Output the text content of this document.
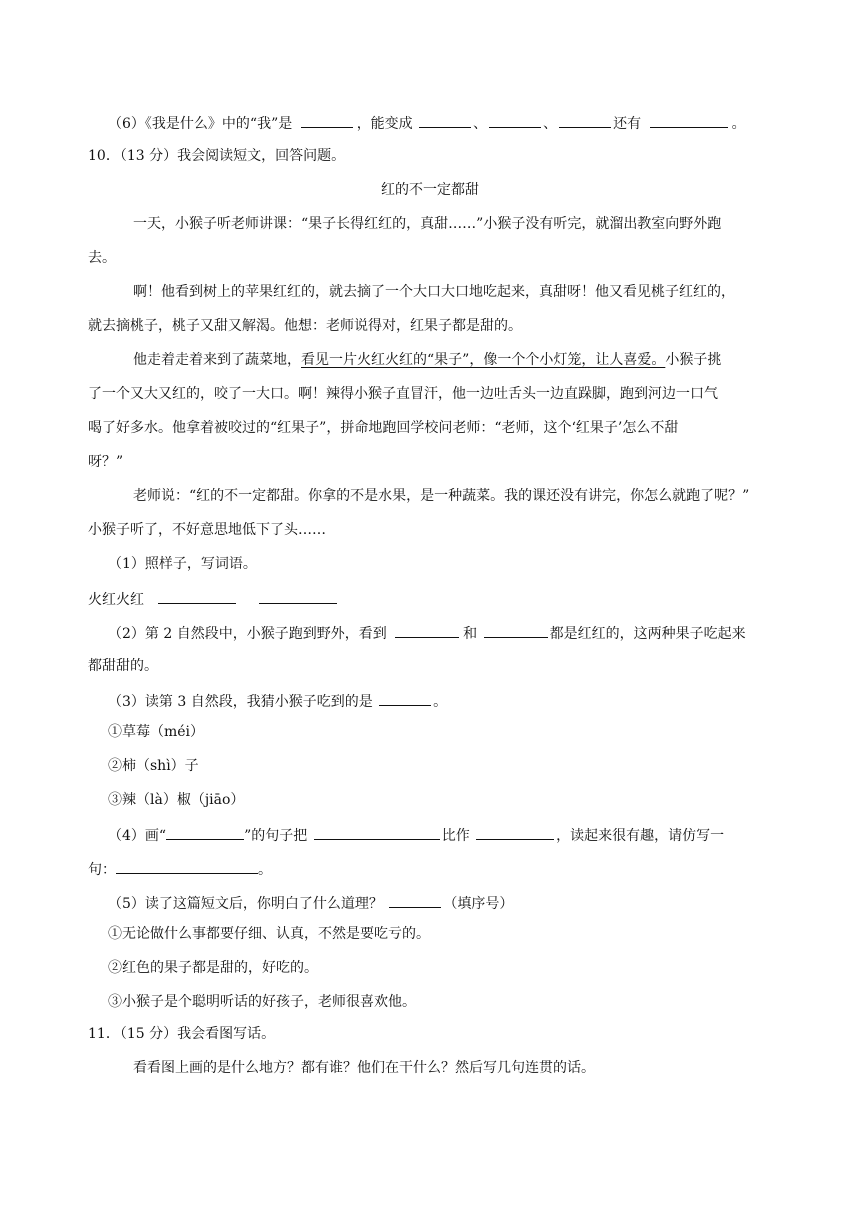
（6）《我是什么》中的“我”是	，能变成	、	、	还有	。
10．（13 分）我会阅读短文，回答问题。
红的不一定都甜
一天，小猴子听老师讲课：“果子长得红红的，真甜……”小猴子没有听完，就溜出教室向野外跑
去。
啊！他看到树上的苹果红红的，就去摘了一个大口大口地吃起来，真甜呀！他又看见桃子红红的，
就去摘桃子，桃子又甜又解渴。他想：老师说得对，红果子都是甜的。
他走着走着来到了蔬菜地，看见一片火红火红的“果子”，像一个个小灯笼，让人喜爱。小猴子挑
了一个又大又红的，咬了一大口。啊！辣得小猴子直冒汗，他一边吐舌头一边直跺脚，跑到河边一口气
喝了好多水。他拿着被咬过的“红果子”，拼命地跑回学校问老师：“老师，这个‘红果子’怎么不甜
呀？”
老师说：“红的不一定都甜。你拿的不是水果，是一种蔬菜。我的课还没有讲完，你怎么就跑了呢？”
小猴子听了，不好意思地低下了头……
（1）照样子，写词语。
火红火红
（2）第 2 自然段中，小猴子跑到野外，看到	和	都是红红的，这两种果子吃起来
都甜甜的。
（3）读第 3 自然段，我猜小猴子吃到的是	。
①草莓（méi）
②柿（shì）子
③辣（là）椒（jiāo）
（4）画“	”的句子把	比作	，读起来很有趣，请仿写一
句：	。
（5）读了这篇短文后，你明白了什么道理？	（填序号）
①无论做什么事都要仔细、认真，不然是要吃亏的。
②红色的果子都是甜的，好吃的。
③小猴子是个聪明听话的好孩子，老师很喜欢他。
11．（15 分）我会看图写话。
看看图上画的是什么地方？都有谁？他们在干什么？然后写几句连贯的话。
